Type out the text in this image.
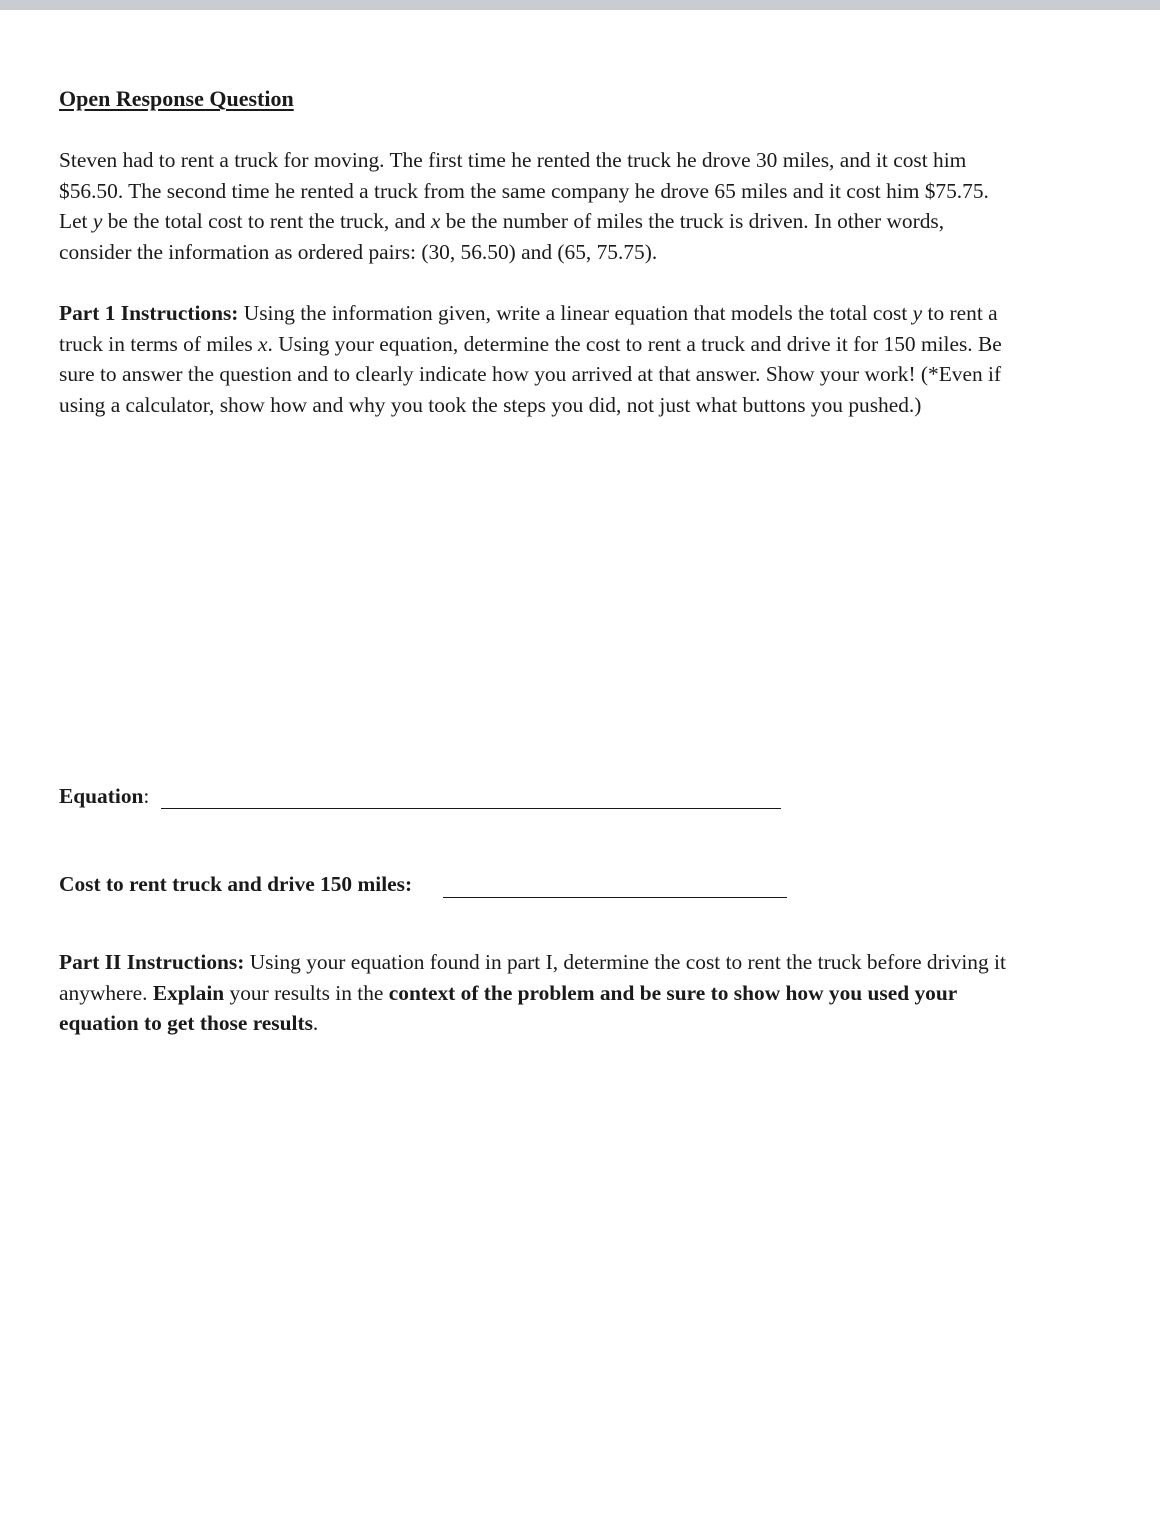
Open Response Question

Steven had to rent a truck for moving. The first time he rented the truck he drove 30 miles, and it cost him
$56.50. The second time he rented a truck from the same company he drove 65 miles and it cost him $75.75.
Let y be the total cost to rent the truck, and x be the number of miles the truck is driven. In other words,
consider the information as ordered pairs: (30, 56.50) and (65, 75.75).

Part 1 Instructions: Using the information given, write a linear equation that models the total cost y to rent a
truck in terms of miles x. Using your equation, determine the cost to rent a truck and drive it for 150 miles. Be
sure to answer the question and to clearly indicate how you arrived at that answer. Show your work! (*Even if
using a calculator, show how and why you took the steps you did, not just what buttons you pushed.)

Equation:
Cost to rent truck and drive 150 miles:

Part II Instructions: Using your equation found in part I, determine the cost to rent the truck before driving it
anywhere. Explain your results in the context of the problem and be sure to show how you used your
equation to get those results.
